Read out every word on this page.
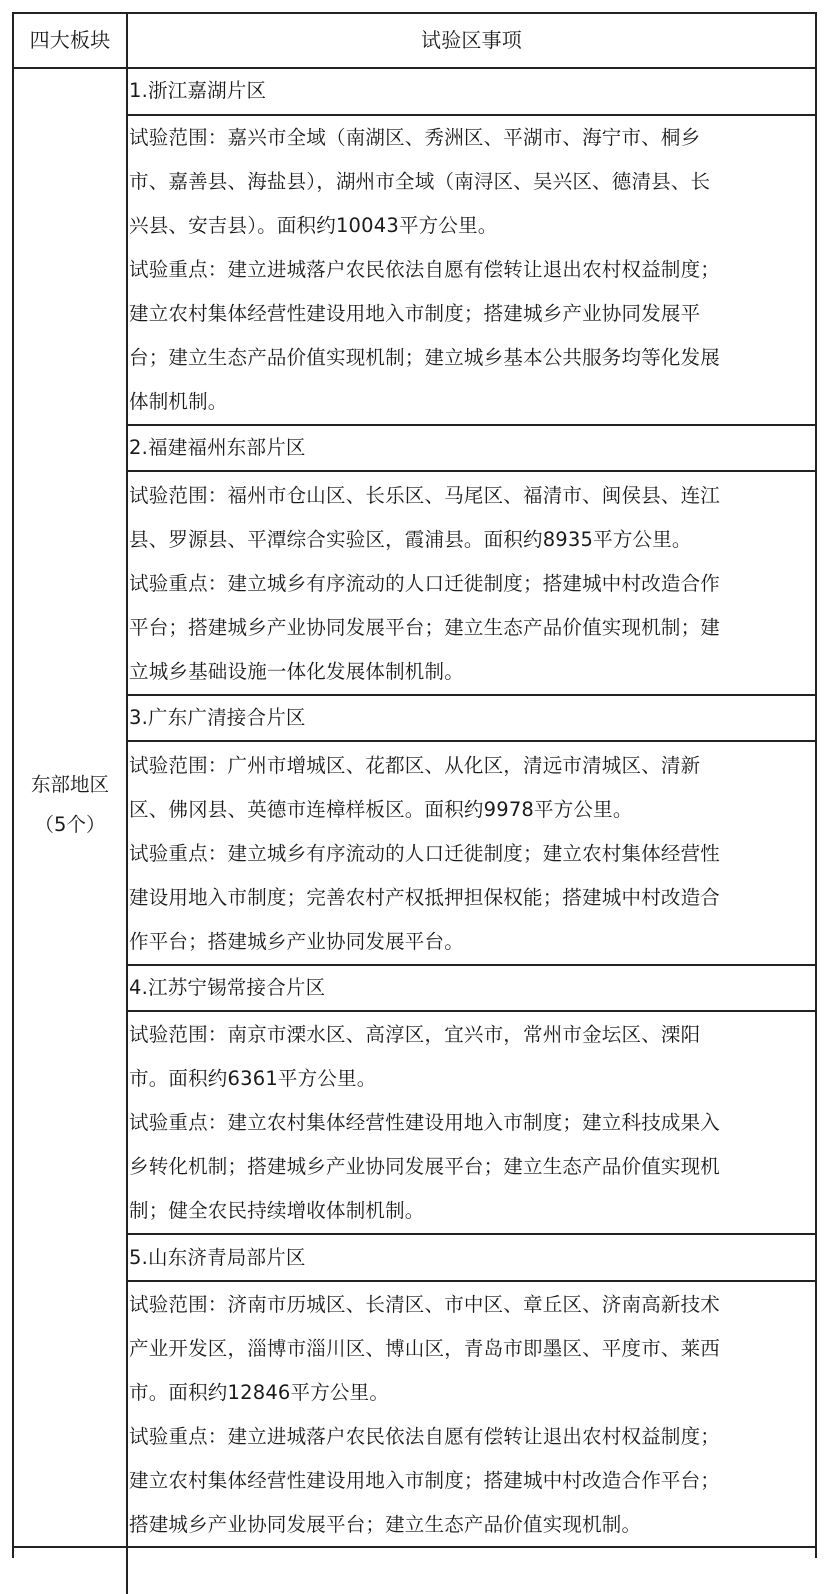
四大板块	试验区事项
东部地区
（5个）
1.浙江嘉湖片区
试验范围：嘉兴市全域（南湖区、秀洲区、平湖市、海宁市、桐乡
市、嘉善县、海盐县），湖州市全域（南浔区、吴兴区、德清县、长
兴县、安吉县）。面积约10043平方公里。
试验重点：建立进城落户农民依法自愿有偿转让退出农村权益制度；
建立农村集体经营性建设用地入市制度；搭建城乡产业协同发展平
台；建立生态产品价值实现机制；建立城乡基本公共服务均等化发展
体制机制。
2.福建福州东部片区
试验范围：福州市仓山区、长乐区、马尾区、福清市、闽侯县、连江
县、罗源县、平潭综合实验区，霞浦县。面积约8935平方公里。
试验重点：建立城乡有序流动的人口迁徙制度；搭建城中村改造合作
平台；搭建城乡产业协同发展平台；建立生态产品价值实现机制；建
立城乡基础设施一体化发展体制机制。
3.广东广清接合片区
试验范围：广州市增城区、花都区、从化区，清远市清城区、清新
区、佛冈县、英德市连樟样板区。面积约9978平方公里。
试验重点：建立城乡有序流动的人口迁徙制度；建立农村集体经营性
建设用地入市制度；完善农村产权抵押担保权能；搭建城中村改造合
作平台；搭建城乡产业协同发展平台。
4.江苏宁锡常接合片区
试验范围：南京市溧水区、高淳区，宜兴市，常州市金坛区、溧阳
市。面积约6361平方公里。
试验重点：建立农村集体经营性建设用地入市制度；建立科技成果入
乡转化机制；搭建城乡产业协同发展平台；建立生态产品价值实现机
制；健全农民持续增收体制机制。
5.山东济青局部片区
试验范围：济南市历城区、长清区、市中区、章丘区、济南高新技术
产业开发区，淄博市淄川区、博山区，青岛市即墨区、平度市、莱西
市。面积约12846平方公里。
试验重点：建立进城落户农民依法自愿有偿转让退出农村权益制度；
建立农村集体经营性建设用地入市制度；搭建城中村改造合作平台；
搭建城乡产业协同发展平台；建立生态产品价值实现机制。
